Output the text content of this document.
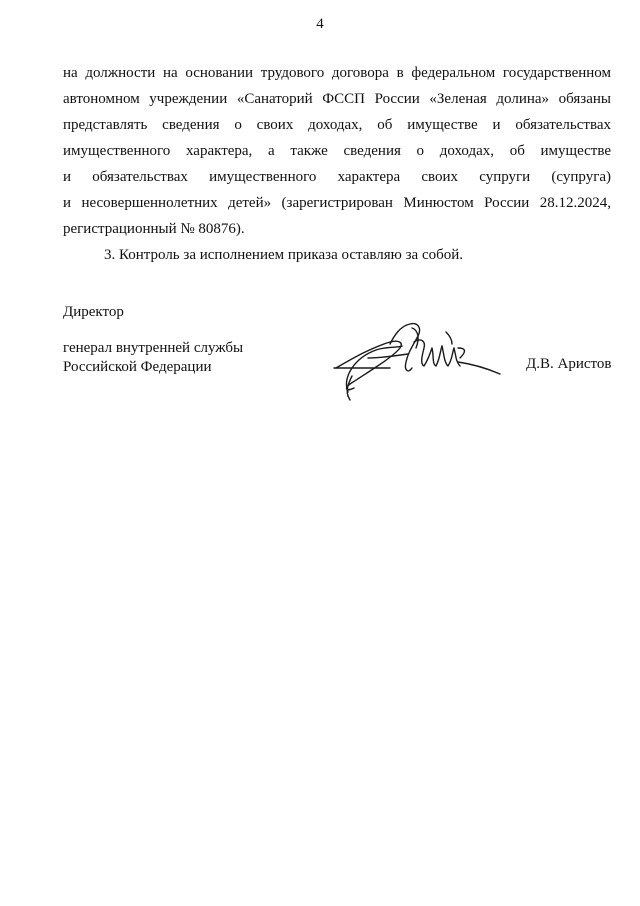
4
на должности на основании трудового договора в федеральном государственном
автономном учреждении «Санаторий ФССП России «Зеленая долина» обязаны
представлять сведения о своих доходах, об имуществе и обязательствах
имущественного характера, а также сведения о доходах, об имуществе
и обязательствах имущественного характера своих супруги (супруга)
и несовершеннолетних детей» (зарегистрирован Минюстом России 28.12.2024,
регистрационный № 80876).
3. Контроль за исполнением приказа оставляю за собой.
Директор
генерал внутренней службы
Российской Федерации	Д.В. Аристов
